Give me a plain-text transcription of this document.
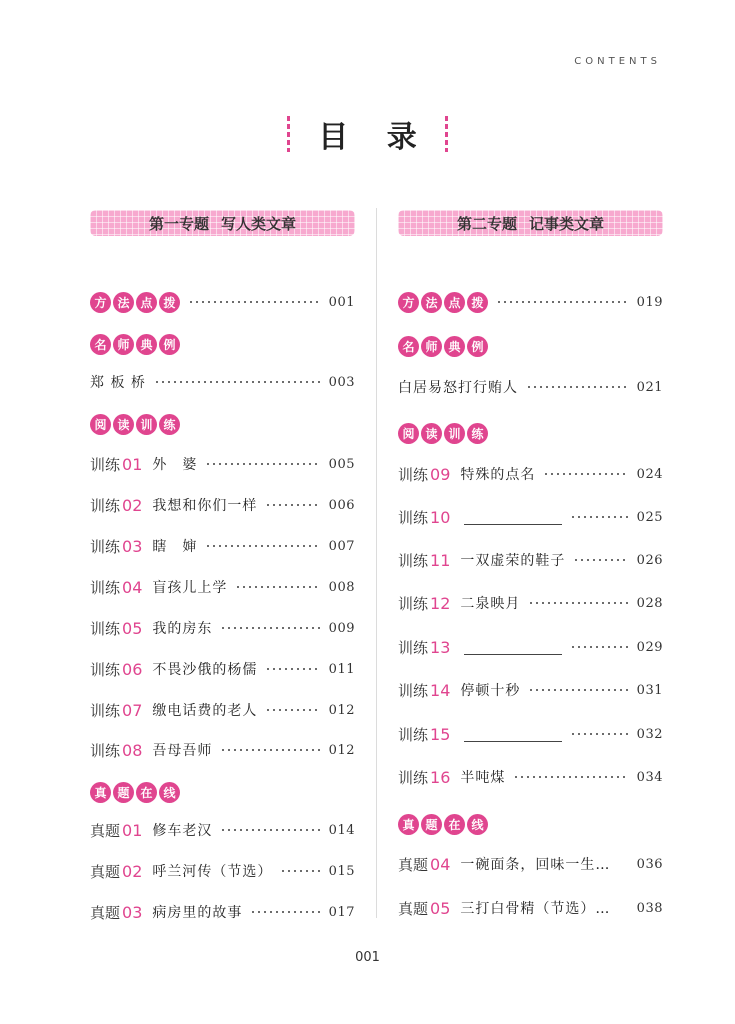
CONTENTS
目 录
第一专题 写人类文章
方 法 点 拨	001
名 师 典 例
郑 板 桥	003
阅 读 训 练
训练 01 外　婆	005
训练 02 我想和你们一样	006
训练 03 瞎　婶	007
训练 04 盲孩儿上学	008
训练 05 我的房东	009
训练 06 不畏沙俄的杨儒	011
训练 07 缴电话费的老人	012
训练 08 吾母吾师	012
真 题 在 线
真题 01 修车老汉	014
真题 02 呼兰河传（节选）	015
真题 03 病房里的故事	017
第二专题 记事类文章
方 法 点 拨	019
名 师 典 例
白居易怒打行贿人	021
阅 读 训 练
训练 09 特殊的点名	024
训练 10	025
训练 11 一双虚荣的鞋子	026
训练 12 二泉映月	028
训练 13	029
训练 14 停顿十秒	031
训练 15	032
训练 16 半吨煤	034
真 题 在 线
真题 04 一碗面条，回味一生… 036
真题 05 三打白骨精（节选）… 038
001
